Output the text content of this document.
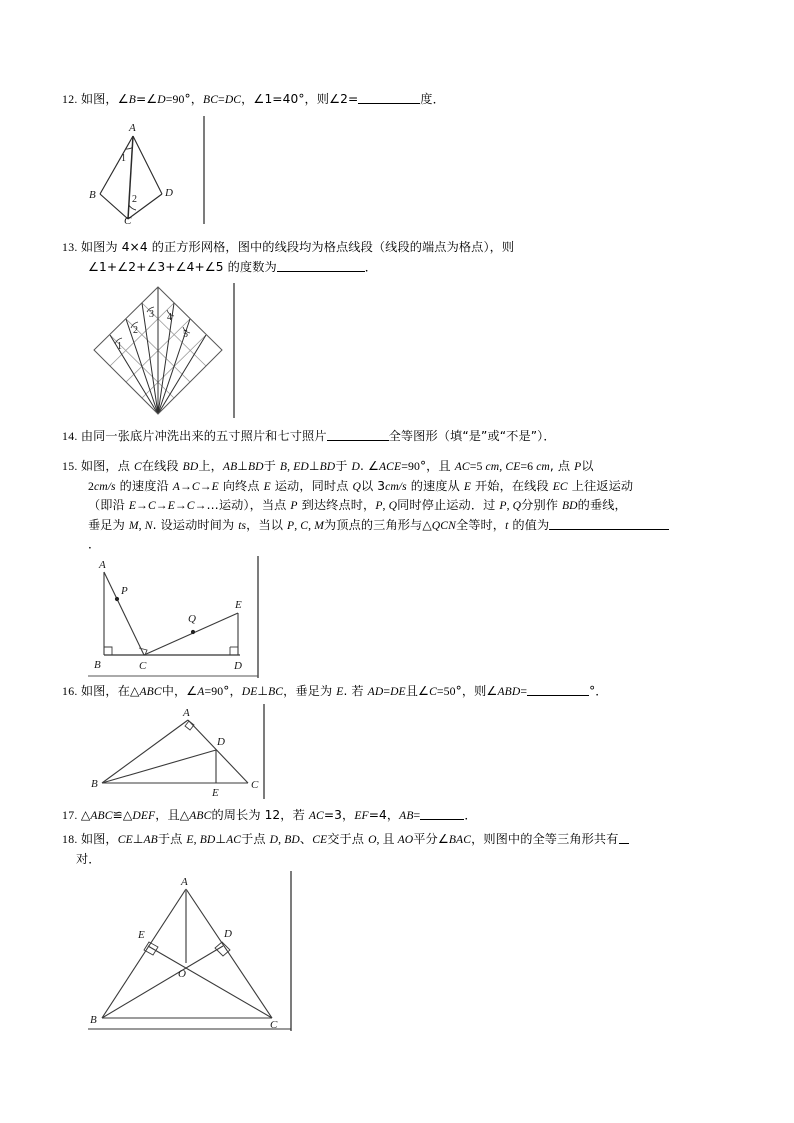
12. 如图，∠B=∠D=90°，BC=DC，∠1=40°，则∠2=	度．
A
B	D
C
1
2
13. 如图为 4×4 的正方形网格，图中的线段均为格点线段（线段的端点为格点），则
∠1+∠2+∠3+∠4+∠5 的度数为	．
1
2
3 4
5
14. 由同一张底片冲洗出来的五寸照片和七寸照片	全等图形（填“是”或“不是”）．
15. 如图，点 C在线段 BD上，AB⊥BD于 B, ED⊥BD于 D. ∠ACE=90°，且 AC=5 cm, CE=6 cm, 点 P以
2cm/s 的速度沿 A→C→E 向终点 E 运动，同时点 Q以 3cm/s 的速度从 E 开始，在线段 EC 上往返运动
（即沿 E→C→E→C→…运动），当点 P 到达终点时，P, Q同时停止运动．过 P, Q分别作 BD的垂线，
垂足为 M, N. 设运动时间为 ts，当以 P, C, M为顶点的三角形与△QCN全等时，t 的值为
．
A
P
Q
E
B	C	D
16. 如图，在△ABC中，∠A=90°，DE⊥BC，垂足为 E. 若 AD=DE且∠C=50°，则∠ABD=	°．
A
D
B
E
C
17. △ABC≌△DEF，且△ABC的周长为 12，若 AC=3，EF=4，AB=	．
18. 如图，CE⊥AB于点 E, BD⊥AC于点 D, BD、CE交于点 O, 且 AO平分∠BAC，则图中的全等三角形共有
对．
A
E	D
O
B	C
